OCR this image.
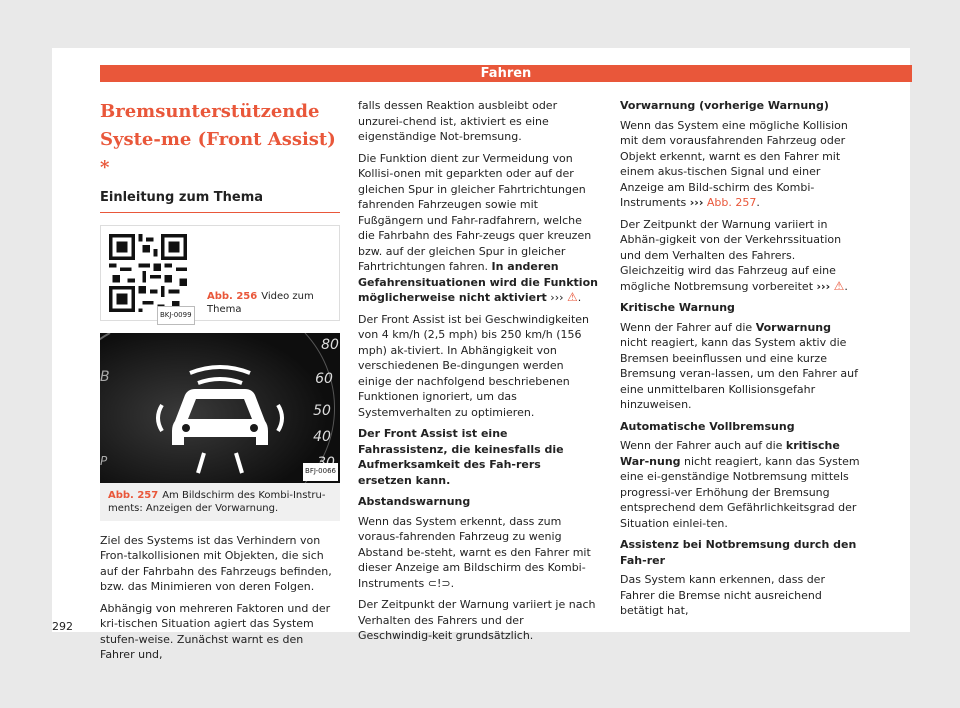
Fahren
Bremsunterstützende Syste-me (Front Assist) *
Einleitung zum Thema
BKJ-0099
Abb. 256 Video zum Thema
B
P
80
60
50
40
BFJ-0066
Abb. 257 Am Bildschirm des Kombi-Instru-ments: Anzeigen der Vorwarnung.

Ziel des Systems ist das Verhindern von Fron-talkollisionen mit Objekten, die sich auf der Fahrbahn des Fahrzeugs befinden, bzw. das Minimieren von deren Folgen.

Abhängig von mehreren Faktoren und der kri-tischen Situation agiert das System stufen-weise. Zunächst warnt es den Fahrer und,

falls dessen Reaktion ausbleibt oder unzurei-chend ist, aktiviert es eine eigenständige Not-bremsung.

Die Funktion dient zur Vermeidung von Kollisi-onen mit geparkten oder auf der gleichen Spur in gleicher Fahrtrichtungen fahrenden Fahrzeugen sowie mit Fußgängern und Fahr-radfahrern, welche die Fahrbahn des Fahr-zeugs quer kreuzen bzw. auf der gleichen Spur in gleicher Fahrtrichtungen fahren. In anderen Gefahrensituationen wird die Funktion möglicherweise nicht aktiviert ››› ⚠.

Der Front Assist ist bei Geschwindigkeiten von 4 km/h (2,5 mph) bis 250 km/h (156 mph) ak-tiviert. In Abhängigkeit von verschiedenen Be-dingungen werden einige der nachfolgend beschriebenen Funktionen ignoriert, um das Systemverhalten zu optimieren.

Der Front Assist ist eine Fahrassistenz, die keinesfalls die Aufmerksamkeit des Fah-rers ersetzen kann.

Abstandswarnung

Wenn das System erkennt, dass zum voraus-fahrenden Fahrzeug zu wenig Abstand be-steht, warnt es den Fahrer mit dieser Anzeige am Bildschirm des Kombi-Instruments ⊂!⊃.

Der Zeitpunkt der Warnung variiert je nach Verhalten des Fahrers und der Geschwindig-keit grundsätzlich.

Vorwarnung (vorherige Warnung)

Wenn das System eine mögliche Kollision mit dem vorausfahrenden Fahrzeug oder Objekt erkennt, warnt es den Fahrer mit einem akus-tischen Signal und einer Anzeige am Bild-schirm des Kombi-Instruments ››› Abb. 257.

Der Zeitpunkt der Warnung variiert in Abhän-gigkeit von der Verkehrssituation und dem Verhalten des Fahrers. Gleichzeitig wird das Fahrzeug auf eine mögliche Notbremsung vorbereitet ››› ⚠.

Kritische Warnung

Wenn der Fahrer auf die Vorwarnung nicht reagiert, kann das System aktiv die Bremsen beeinflussen und eine kurze Bremsung veran-lassen, um den Fahrer auf eine unmittelbaren Kollisionsgefahr hinzuweisen.

Automatische Vollbremsung

Wenn der Fahrer auch auf die kritische War-nung nicht reagiert, kann das System eine ei-genständige Notbremsung mittels progressi-ver Erhöhung der Bremsung entsprechend dem Gefährlichkeitsgrad der Situation einlei-ten.

Assistenz bei Notbremsung durch den Fah-rer

Das System kann erkennen, dass der Fahrer die Bremse nicht ausreichend betätigt hat,

292
